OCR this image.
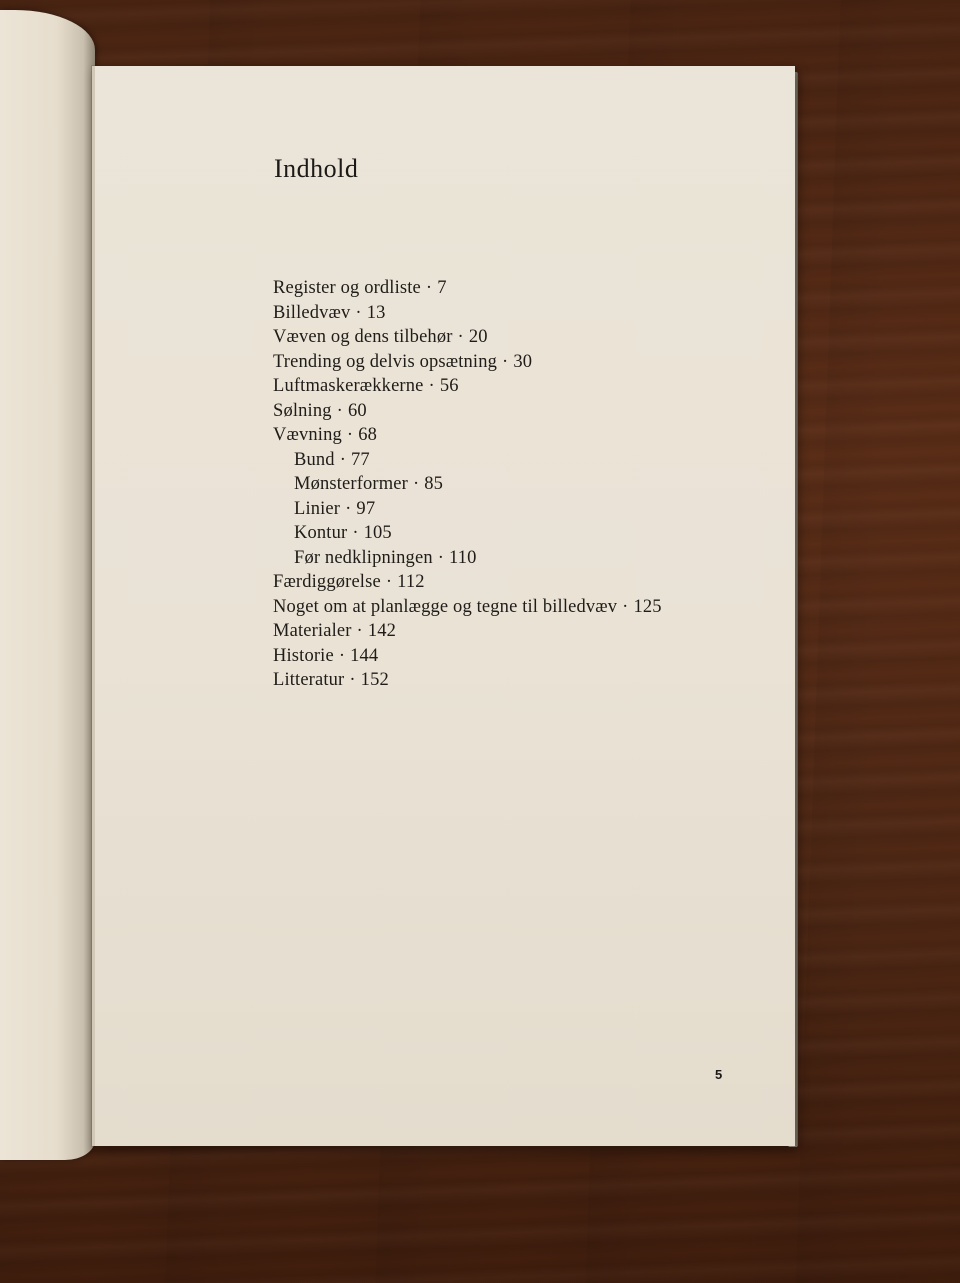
Indhold
Register og ordliste · 7
Billedvæv · 13
Væven og dens tilbehør · 20
Trending og delvis opsætning · 30
Luftmaskerækkerne · 56
Sølning · 60
Vævning · 68
Bund · 77
Mønsterformer · 85
Linier · 97
Kontur · 105
Før nedklipningen · 110
Færdiggørelse · 112
Noget om at planlægge og tegne til billedvæv · 125
Materialer · 142
Historie · 144
Litteratur · 152
5
